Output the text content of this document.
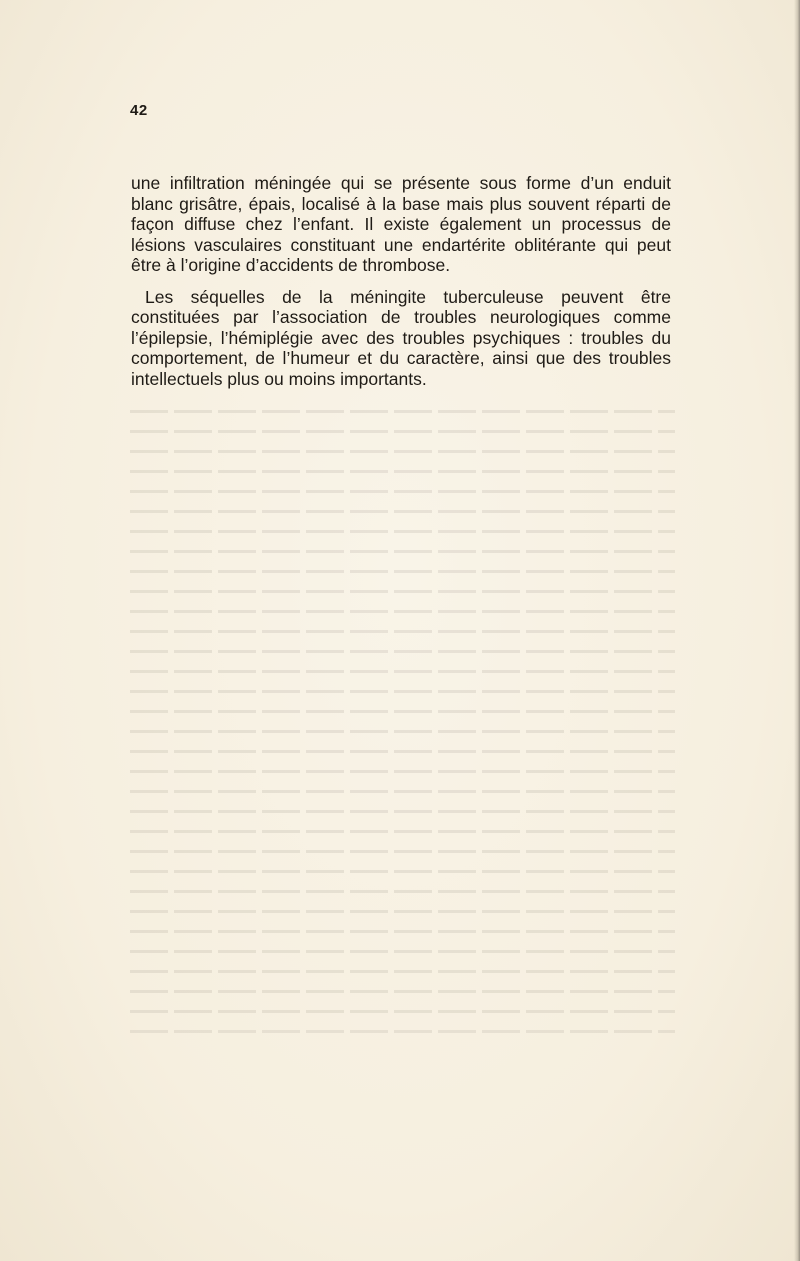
42

une infiltration méningée qui se présente sous forme d’un enduit blanc grisâtre, épais, localisé à la base mais plus souvent réparti de façon diffuse chez l’enfant. Il existe également un processus de lésions vasculaires constituant une endartérite oblitérante qui peut être à l’origine d’accidents de thrombose.

Les séquelles de la méningite tuberculeuse peuvent être constituées par l’association de troubles neurologiques comme l’épilepsie, l’hémiplégie avec des troubles psychiques : troubles du comportement, de l’humeur et du caractère, ainsi que des troubles intellectuels plus ou moins importants.
